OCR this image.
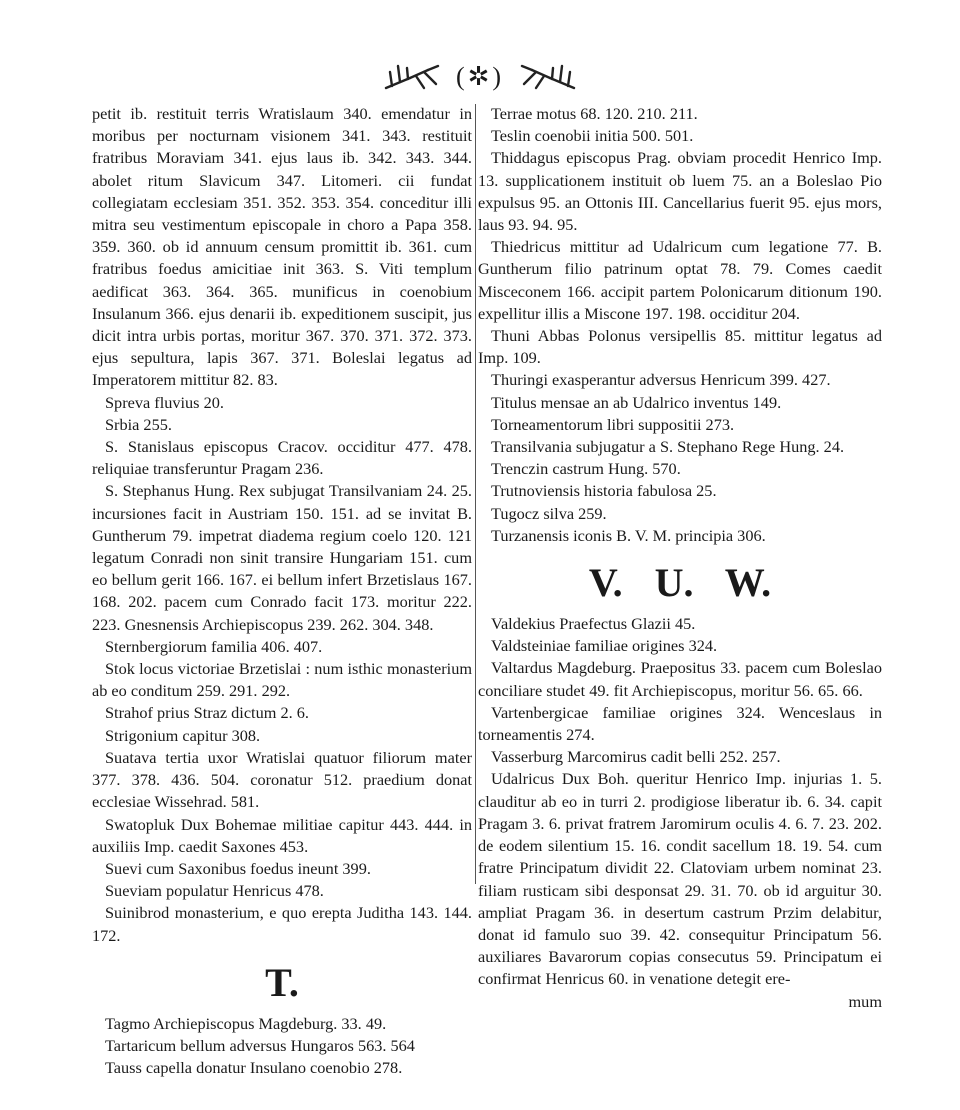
(✲)

petit ib. restituit terris Wratislaum 340. emendatur in moribus per nocturnam visionem 341. 343. restituit fratribus Moraviam 341. ejus laus ib. 342. 343. 344. abolet ritum Slavicum 347. Litomeri. cii fundat collegiatam ecclesiam 351. 352. 353. 354. conceditur illi mitra seu vestimentum episcopale in choro a Papa 358. 359. 360. ob id annuum censum promittit ib. 361. cum fratribus foedus amicitiae init 363. S. Viti templum aedificat 363. 364. 365. munificus in coenobium Insulanum 366. ejus denarii ib. expeditionem suscipit, jus dicit intra urbis portas, moritur 367. 370. 371. 372. 373. ejus sepultura, lapis 367. 371. Boleslai legatus ad Imperatorem mittitur 82. 83.

Sprevа fluvius 20.

Srbia 255.

S. Stanislaus episcopus Cracov. occiditur 477. 478. reliquiae transferuntur Pragam 236.

S. Stephanus Hung. Rex subjugat Transilvaniam 24. 25. incursiones facit in Austriam 150. 151. ad se invitat B. Guntherum 79. impetrat diadema regium coelo 120. 121 legatum Conradi non sinit transire Hungariam 151. cum eo bellum gerit 166. 167. ei bellum infert Brzetislaus 167. 168. 202. pacem cum Conrado facit 173. moritur 222. 223. Gnesnensis Archiepiscopus 239. 262. 304. 348.

Sternbergiorum familia 406. 407.

Stok locus victoriae Brzetislai : num isthic monasterium ab eo conditum 259. 291. 292.

Strahof prius Straz dictum 2. 6.

Strigonium capitur 308.

Suatava tertia uxor Wratislai quatuor filiorum mater 377. 378. 436. 504. coronatur 512. praedium donat ecclesiae Wissehrad. 581.

Swatopluk Dux Bohemae militiae capitur 443. 444. in auxiliis Imp. caedit Saxones 453.

Suevi cum Saxonibus foedus ineunt 399.

Sueviam populatur Henricus 478.

Suinibrod monasterium, e quo erepta Juditha 143. 144. 172.

T.

Tagmo Archiepiscopus Magdeburg. 33. 49.

Tartaricum bellum adversus Hungaros 563. 564

Tauss capella donatur Insulano coenobio 278.

Terrae motus 68. 120. 210. 211.

Teslin coenobii initia 500. 501.

Thiddagus episcopus Prag. obviam procedit Henrico Imp. 13. supplicationem instituit ob luem 75. an a Boleslao Pio expulsus 95. an Ottonis III. Cancellarius fuerit 95. ejus mors, laus 93. 94. 95.

Thiedricus mittitur ad Udalricum cum legatione 77. B. Guntherum filio patrinum optat 78. 79. Comes caedit Misceconem 166. accipit partem Polonicarum ditionum 190. expellitur illis a Miscone 197. 198. occiditur 204.

Thuni Abbas Polonus versipellis 85. mittitur legatus ad Imp. 109.

Thuringi exasperantur adversus Henricum 399. 427.

Titulus mensae an ab Udalrico inventus 149.

Torneamentorum libri suppositii 273.

Transilvania subjugatur a S. Stephano Rege Hung. 24.

Trenczin castrum Hung. 570.

Trutnoviensis historia fabulosa 25.

Tugocz silva 259.

Turzanensis iconis B. V. M. principia 306.

V. U. W.

Valdekius Praefectus Glazii 45.

Valdsteiniae familiae origines 324.

Valtardus Magdeburg. Praepositus 33. pacem cum Boleslao conciliare studet 49. fit Archiepiscopus, moritur 56. 65. 66.

Vartenbergicae familiae origines 324. Wenceslaus in torneamentis 274.

Vasserburg Marcomirus cadit belli 252. 257.

Udalricus Dux Boh. queritur Henrico Imp. injurias 1. 5. clauditur ab eo in turri 2. prodigiose liberatur ib. 6. 34. capit Pragam 3. 6. privat fratrem Jaromirum oculis 4. 6. 7. 23. 202. de eodem silentium 15. 16. condit sacellum 18. 19. 54. cum fratre Principatum dividit 22. Clatoviam urbem nominat 23. filiam rusticam sibi desponsat 29. 31. 70. ob id arguitur 30. ampliat Pragam 36. in desertum castrum Przim delabitur, donat id famulo suo 39. 42. consequitur Principatum 56. auxiliares Bavarorum copias consecutus 59. Principatum ei confirmat Henricus 60. in venatione detegit ere-

mum
